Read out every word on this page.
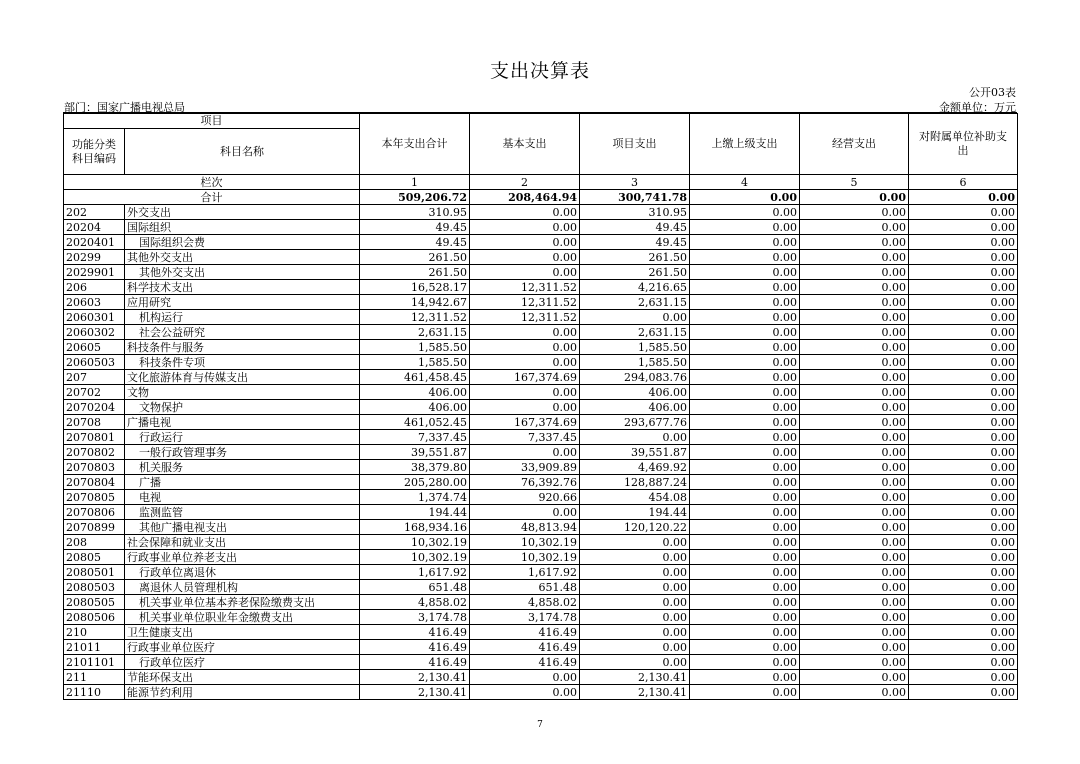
支出决算表
公开03表
部门：国家广播电视总局	金额单位：万元
项目		本年支出合计	基本支出	项目支出	上缴上级支出	经营支出	对附属单位补助支出
功能分类科目编码	科目名称						
栏次		1	2	3	4	5	6
合计		509,206.72	208,464.94	300,741.78	0.00	0.00	0.00
202	外交支出	310.95	0.00	310.95	0.00	0.00	0.00
20204	国际组织	49.45	0.00	49.45	0.00	0.00	0.00
2020401	国际组织会费	49.45	0.00	49.45	0.00	0.00	0.00
20299	其他外交支出	261.50	0.00	261.50	0.00	0.00	0.00
2029901	其他外交支出	261.50	0.00	261.50	0.00	0.00	0.00
206	科学技术支出	16,528.17	12,311.52	4,216.65	0.00	0.00	0.00
20603	应用研究	14,942.67	12,311.52	2,631.15	0.00	0.00	0.00
2060301	机构运行	12,311.52	12,311.52	0.00	0.00	0.00	0.00
2060302	社会公益研究	2,631.15	0.00	2,631.15	0.00	0.00	0.00
20605	科技条件与服务	1,585.50	0.00	1,585.50	0.00	0.00	0.00
2060503	科技条件专项	1,585.50	0.00	1,585.50	0.00	0.00	0.00
207	文化旅游体育与传媒支出	461,458.45	167,374.69	294,083.76	0.00	0.00	0.00
20702	文物	406.00	0.00	406.00	0.00	0.00	0.00
2070204	文物保护	406.00	0.00	406.00	0.00	0.00	0.00
20708	广播电视	461,052.45	167,374.69	293,677.76	0.00	0.00	0.00
2070801	行政运行	7,337.45	7,337.45	0.00	0.00	0.00	0.00
2070802	一般行政管理事务	39,551.87	0.00	39,551.87	0.00	0.00	0.00
2070803	机关服务	38,379.80	33,909.89	4,469.92	0.00	0.00	0.00
2070804	广播	205,280.00	76,392.76	128,887.24	0.00	0.00	0.00
2070805	电视	1,374.74	920.66	454.08	0.00	0.00	0.00
2070806	监测监管	194.44	0.00	194.44	0.00	0.00	0.00
2070899	其他广播电视支出	168,934.16	48,813.94	120,120.22	0.00	0.00	0.00
208	社会保障和就业支出	10,302.19	10,302.19	0.00	0.00	0.00	0.00
20805	行政事业单位养老支出	10,302.19	10,302.19	0.00	0.00	0.00	0.00
2080501	行政单位离退休	1,617.92	1,617.92	0.00	0.00	0.00	0.00
2080503	离退休人员管理机构	651.48	651.48	0.00	0.00	0.00	0.00
2080505	机关事业单位基本养老保险缴费支出	4,858.02	4,858.02	0.00	0.00	0.00	0.00
2080506	机关事业单位职业年金缴费支出	3,174.78	3,174.78	0.00	0.00	0.00	0.00
210	卫生健康支出	416.49	416.49	0.00	0.00	0.00	0.00
21011	行政事业单位医疗	416.49	416.49	0.00	0.00	0.00	0.00
2101101	行政单位医疗	416.49	416.49	0.00	0.00	0.00	0.00
211	节能环保支出	2,130.41	0.00	2,130.41	0.00	0.00	0.00
21110	能源节约利用	2,130.41	0.00	2,130.41	0.00	0.00	0.00
7
